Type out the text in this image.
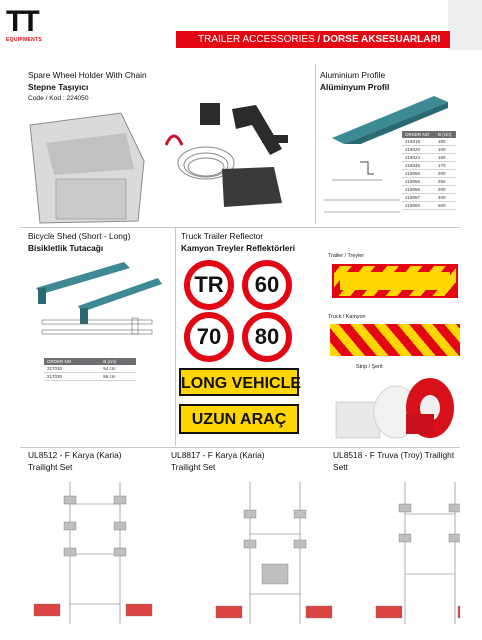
TT
EQUIPMENTS	TRAILER ACCESSORIES / DORSE AKSESUARLARI
Spare Wheel Holder With Chain
Stepne Taşıyıcı
Code / Kod : 224050
Aluminium Profile
Alüminyum Profil
ORDER NO	B (cm)
216016	160
216020	100
216024	150
216046	170
216050	200
216055	250
216056	200
216057	400
216060	600
Bicycle Shed (Short - Long)
Bisikletlik Tutacağı
ORDER NO	B (cm)
217010	54 cm
217030	86 cm
Truck Trailer Reflector
Kamyon Treyler Reflektörleri
TR	60
70	80
LONG VEHICLE
UZUN ARAÇ
Trailer / Treyler
Truck / Kamyon
Strip / Şerit
UL8512 - F Karya (Karia)
Trailight Set
UL8817 - F Karya (Karia)
Trailight Set
UL8518 - F Truva (Troy) Trailight
Sett
